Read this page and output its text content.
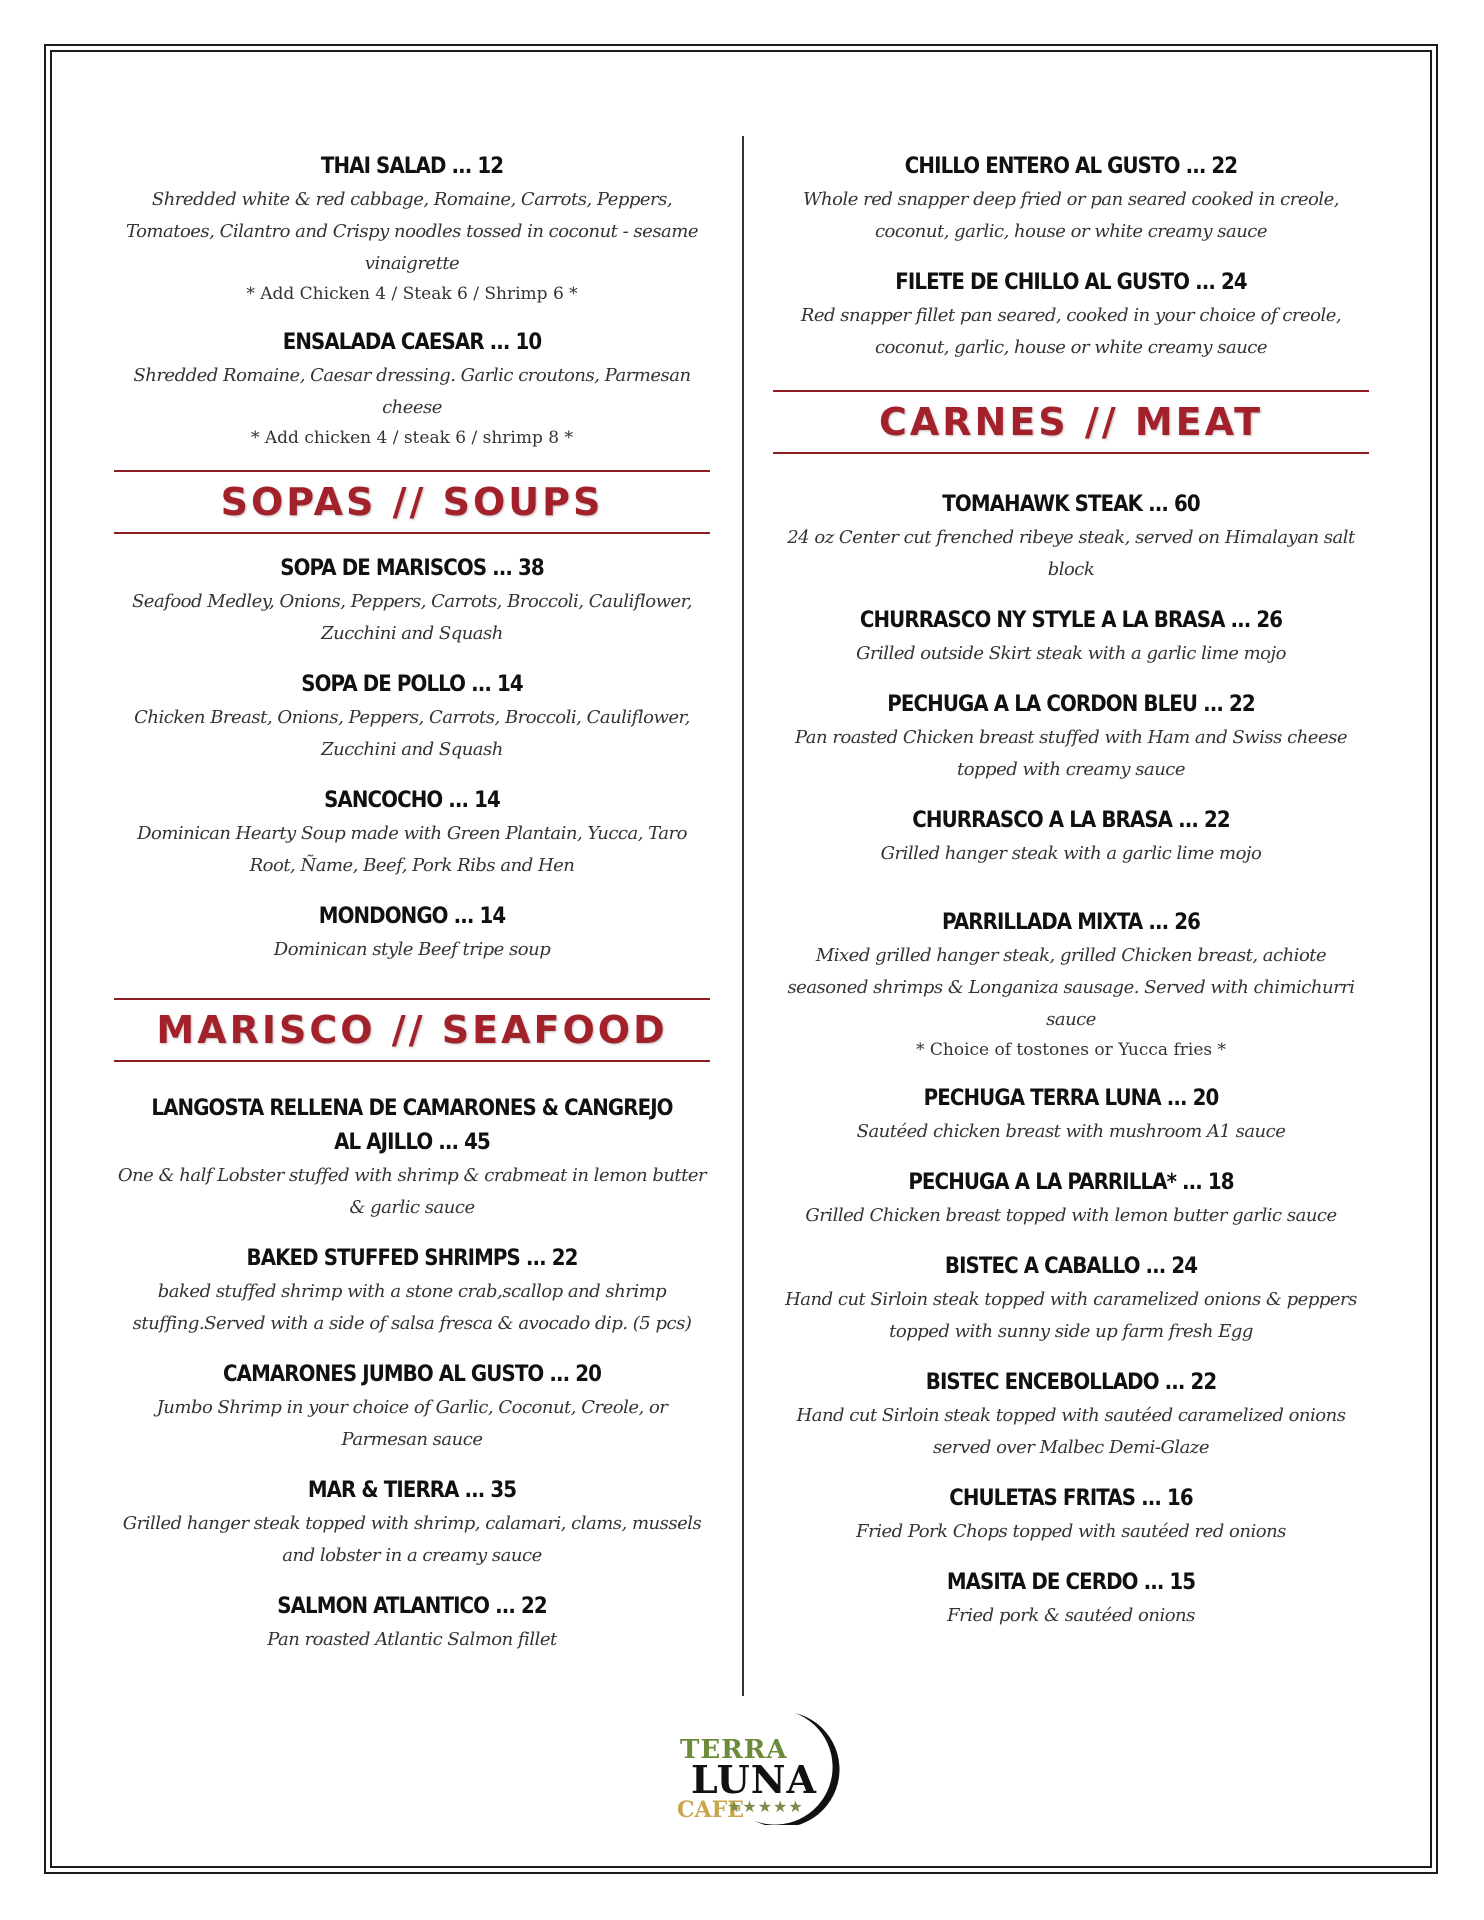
THAI SALAD ... 12
Shredded white & red cabbage, Romaine, Carrots, Peppers, Tomatoes, Cilantro and Crispy noodles tossed in coconut - sesame vinaigrette
* Add Chicken 4 / Steak 6 / Shrimp 6 *
ENSALADA CAESAR ... 10
Shredded Romaine, Caesar dressing. Garlic croutons, Parmesan cheese
* Add chicken 4 / steak 6 / shrimp 8 *
SOPAS // SOUPS
SOPA DE MARISCOS ... 38
Seafood Medley, Onions, Peppers, Carrots, Broccoli, Cauliflower, Zucchini and Squash
SOPA DE POLLO ... 14
Chicken Breast, Onions, Peppers, Carrots, Broccoli, Cauliflower, Zucchini and Squash
SANCOCHO ... 14
Dominican Hearty Soup made with Green Plantain, Yucca, Taro Root, Ñame, Beef, Pork Ribs and Hen
MONDONGO ... 14
Dominican style Beef tripe soup
MARISCO // SEAFOOD
LANGOSTA RELLENA DE CAMARONES & CANGREJO AL AJILLO ... 45
One & half Lobster stuffed with shrimp & crabmeat in lemon butter & garlic sauce
BAKED STUFFED SHRIMPS ... 22
baked stuffed shrimp with a stone crab,scallop and shrimp stuffing.Served with a side of salsa fresca & avocado dip. (5 pcs)
CAMARONES JUMBO AL GUSTO ... 20
Jumbo Shrimp in your choice of Garlic, Coconut, Creole, or Parmesan sauce
MAR & TIERRA ... 35
Grilled hanger steak topped with shrimp, calamari, clams, mussels and lobster in a creamy sauce
SALMON ATLANTICO ... 22
Pan roasted Atlantic Salmon fillet
CHILLO ENTERO AL GUSTO ... 22
Whole red snapper deep fried or pan seared cooked in creole, coconut, garlic, house or white creamy sauce
FILETE DE CHILLO AL GUSTO ... 24
Red snapper fillet pan seared, cooked in your choice of creole, coconut, garlic, house or white creamy sauce
CARNES // MEAT
TOMAHAWK STEAK ... 60
24 oz Center cut frenched ribeye steak, served on Himalayan salt block
CHURRASCO NY STYLE A LA BRASA ... 26
Grilled outside Skirt steak with a garlic lime mojo
PECHUGA A LA CORDON BLEU ... 22
Pan roasted Chicken breast stuffed with Ham and Swiss cheese topped with creamy sauce
CHURRASCO A LA BRASA ... 22
Grilled hanger steak with a garlic lime mojo
PARRILLADA MIXTA ... 26
Mixed grilled hanger steak, grilled Chicken breast, achiote seasoned shrimps & Longaniza sausage. Served with chimichurri sauce
* Choice of tostones or Yucca fries *
PECHUGA TERRA LUNA ... 20
Sautéed chicken breast with mushroom A1 sauce
PECHUGA A LA PARRILLA* ... 18
Grilled Chicken breast topped with lemon butter garlic sauce
BISTEC A CABALLO ... 24
Hand cut Sirloin steak topped with caramelized onions & peppers topped with sunny side up farm fresh Egg
BISTEC ENCEBOLLADO ... 22
Hand cut Sirloin steak topped with sautéed caramelized onions served over Malbec Demi-Glaze
CHULETAS FRITAS ... 16
Fried Pork Chops topped with sautéed red onions
MASITA DE CERDO ... 15
Fried pork & sautéed onions
TERRA
LUNA
CAFE
★★★★★
